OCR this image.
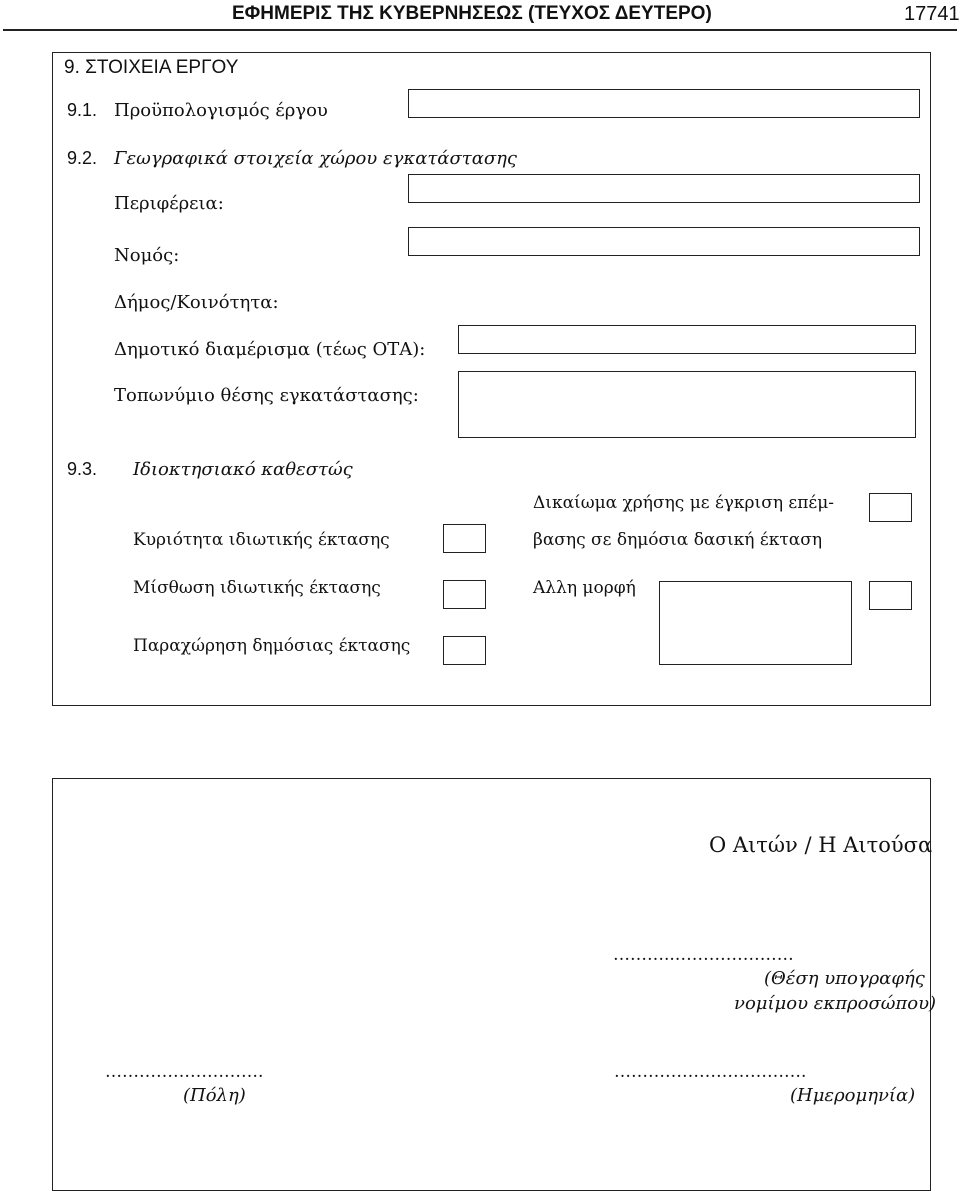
ΕΦΗΜΕΡΙΣ ΤΗΣ ΚΥΒΕΡΝΗΣΕΩΣ (ΤΕΥΧΟΣ ΔΕΥΤΕΡΟ)	17741
9. ΣΤΟΙΧΕΙΑ ΕΡΓΟΥ
9.1. Προϋπολογισμός έργου
9.2. Γεωγραφικά στοιχεία χώρου εγκατάστασης
Περιφέρεια:
Νομός:
Δήμος/Κοινότητα:
Δημοτικό διαμέρισμα (τέως ΟΤΑ):
Τοπωνύμιο θέσης εγκατάστασης:
9.3. Ιδιοκτησιακό καθεστώς
Κυριότητα ιδιωτικής έκτασης
Μίσθωση ιδιωτικής έκτασης
Παραχώρηση δημόσιας έκτασης
Δικαίωμα χρήσης με έγκριση επέμ-
βασης σε δημόσια δασική έκταση
Αλλη μορφή
Ο Αιτών / Η Αιτούσα
………..…………………
(Θέση υπογραφής
νομίμου εκπροσώπου)
……………………….
(Πόλη)
…………………………….
(Ημερομηνία)
